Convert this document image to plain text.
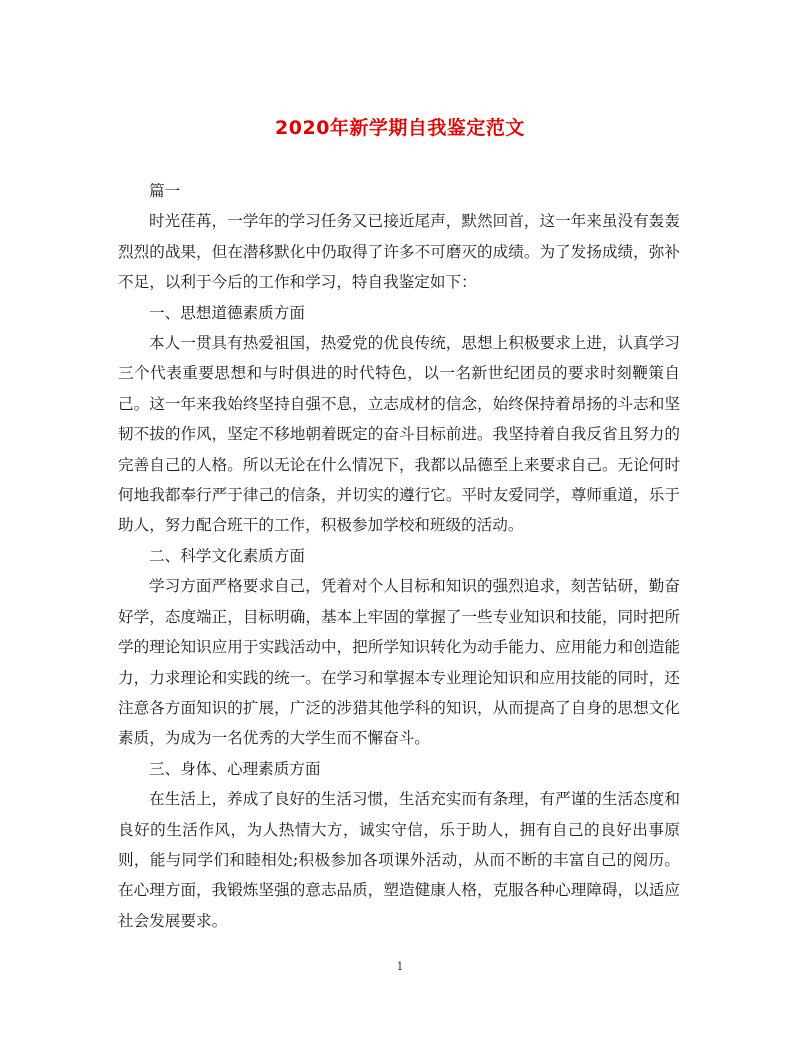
2020年新学期自我鉴定范文

篇一

时光荏苒，一学年的学习任务又已接近尾声，默然回首，这一年来虽没有轰轰烈烈的战果，但在潜移默化中仍取得了许多不可磨灭的成绩。为了发扬成绩，弥补不足，以利于今后的工作和学习，特自我鉴定如下：

一、思想道德素质方面

本人一贯具有热爱祖国，热爱党的优良传统，思想上积极要求上进，认真学习三个代表重要思想和与时俱进的时代特色，以一名新世纪团员的要求时刻鞭策自己。这一年来我始终坚持自强不息，立志成材的信念，始终保持着昂扬的斗志和坚韧不拔的作风，坚定不移地朝着既定的奋斗目标前进。我坚持着自我反省且努力的完善自己的人格。所以无论在什么情况下，我都以品德至上来要求自己。无论何时何地我都奉行严于律己的信条，并切实的遵行它。平时友爱同学，尊师重道，乐于助人，努力配合班干的工作，积极参加学校和班级的活动。

二、科学文化素质方面

学习方面严格要求自己，凭着对个人目标和知识的强烈追求，刻苦钻研，勤奋好学，态度端正，目标明确，基本上牢固的掌握了一些专业知识和技能，同时把所学的理论知识应用于实践活动中，把所学知识转化为动手能力、应用能力和创造能力，力求理论和实践的统一。在学习和掌握本专业理论知识和应用技能的同时，还注意各方面知识的扩展，广泛的涉猎其他学科的知识，从而提高了自身的思想文化素质，为成为一名优秀的大学生而不懈奋斗。

三、身体、心理素质方面

在生活上，养成了良好的生活习惯，生活充实而有条理，有严谨的生活态度和良好的生活作风，为人热情大方，诚实守信，乐于助人，拥有自己的良好出事原则，能与同学们和睦相处;积极参加各项课外活动，从而不断的丰富自己的阅历。在心理方面，我锻炼坚强的意志品质，塑造健康人格，克服各种心理障碍，以适应社会发展要求。

1
